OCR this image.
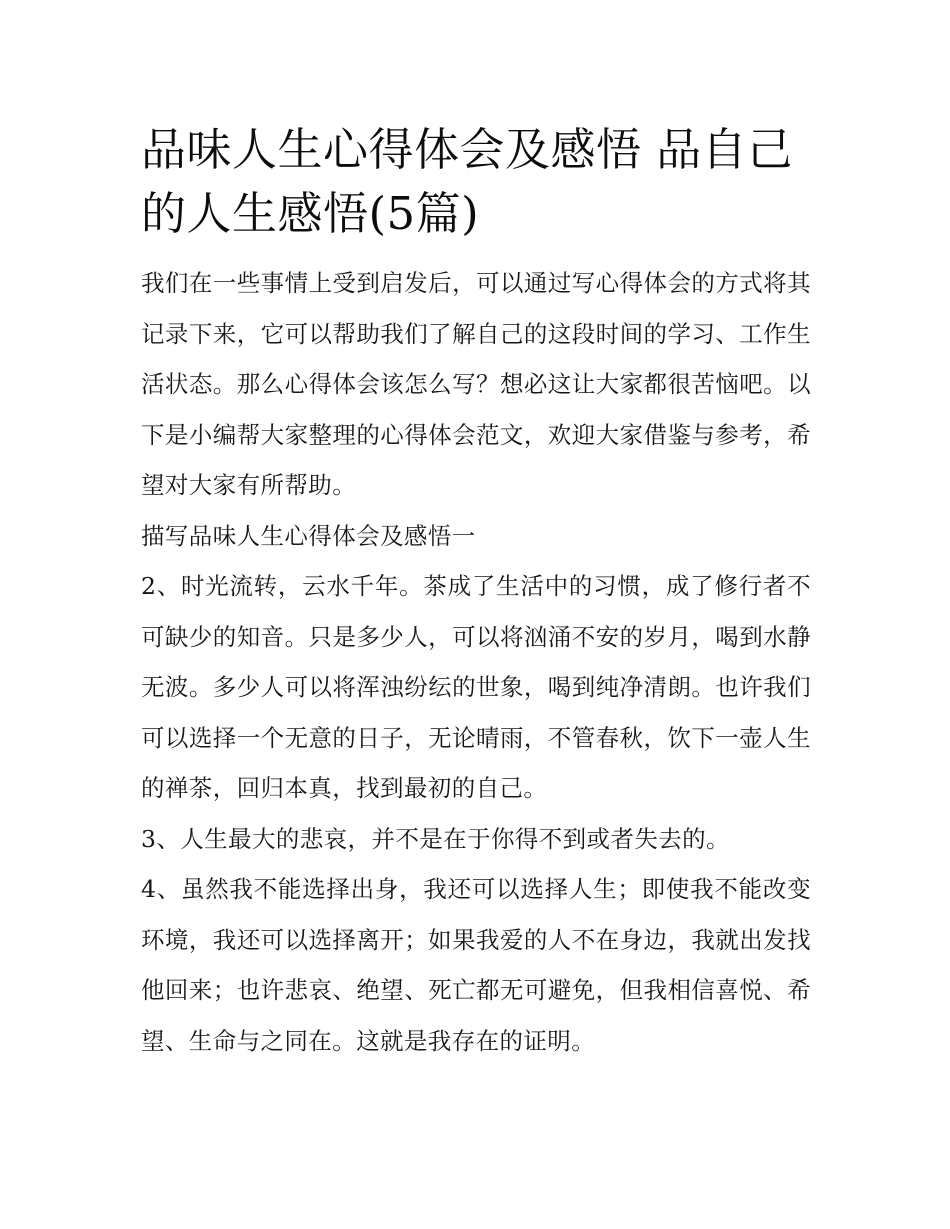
品味人生心得体会及感悟 品自己的人生感悟(5篇)

我们在一些事情上受到启发后，可以通过写心得体会的方式将其记录下来，它可以帮助我们了解自己的这段时间的学习、工作生活状态。那么心得体会该怎么写？想必这让大家都很苦恼吧。以下是小编帮大家整理的心得体会范文，欢迎大家借鉴与参考，希望对大家有所帮助。

描写品味人生心得体会及感悟一

2、时光流转，云水千年。茶成了生活中的习惯，成了修行者不可缺少的知音。只是多少人，可以将汹涌不安的岁月，喝到水静无波。多少人可以将浑浊纷纭的世象，喝到纯净清朗。也许我们可以选择一个无意的日子，无论晴雨，不管春秋，饮下一壶人生的禅茶，回归本真，找到最初的自己。

3、人生最大的悲哀，并不是在于你得不到或者失去的。

4、虽然我不能选择出身，我还可以选择人生；即使我不能改变环境，我还可以选择离开；如果我爱的人不在身边，我就出发找他回来；也许悲哀、绝望、死亡都无可避免，但我相信喜悦、希望、生命与之同在。这就是我存在的证明。
